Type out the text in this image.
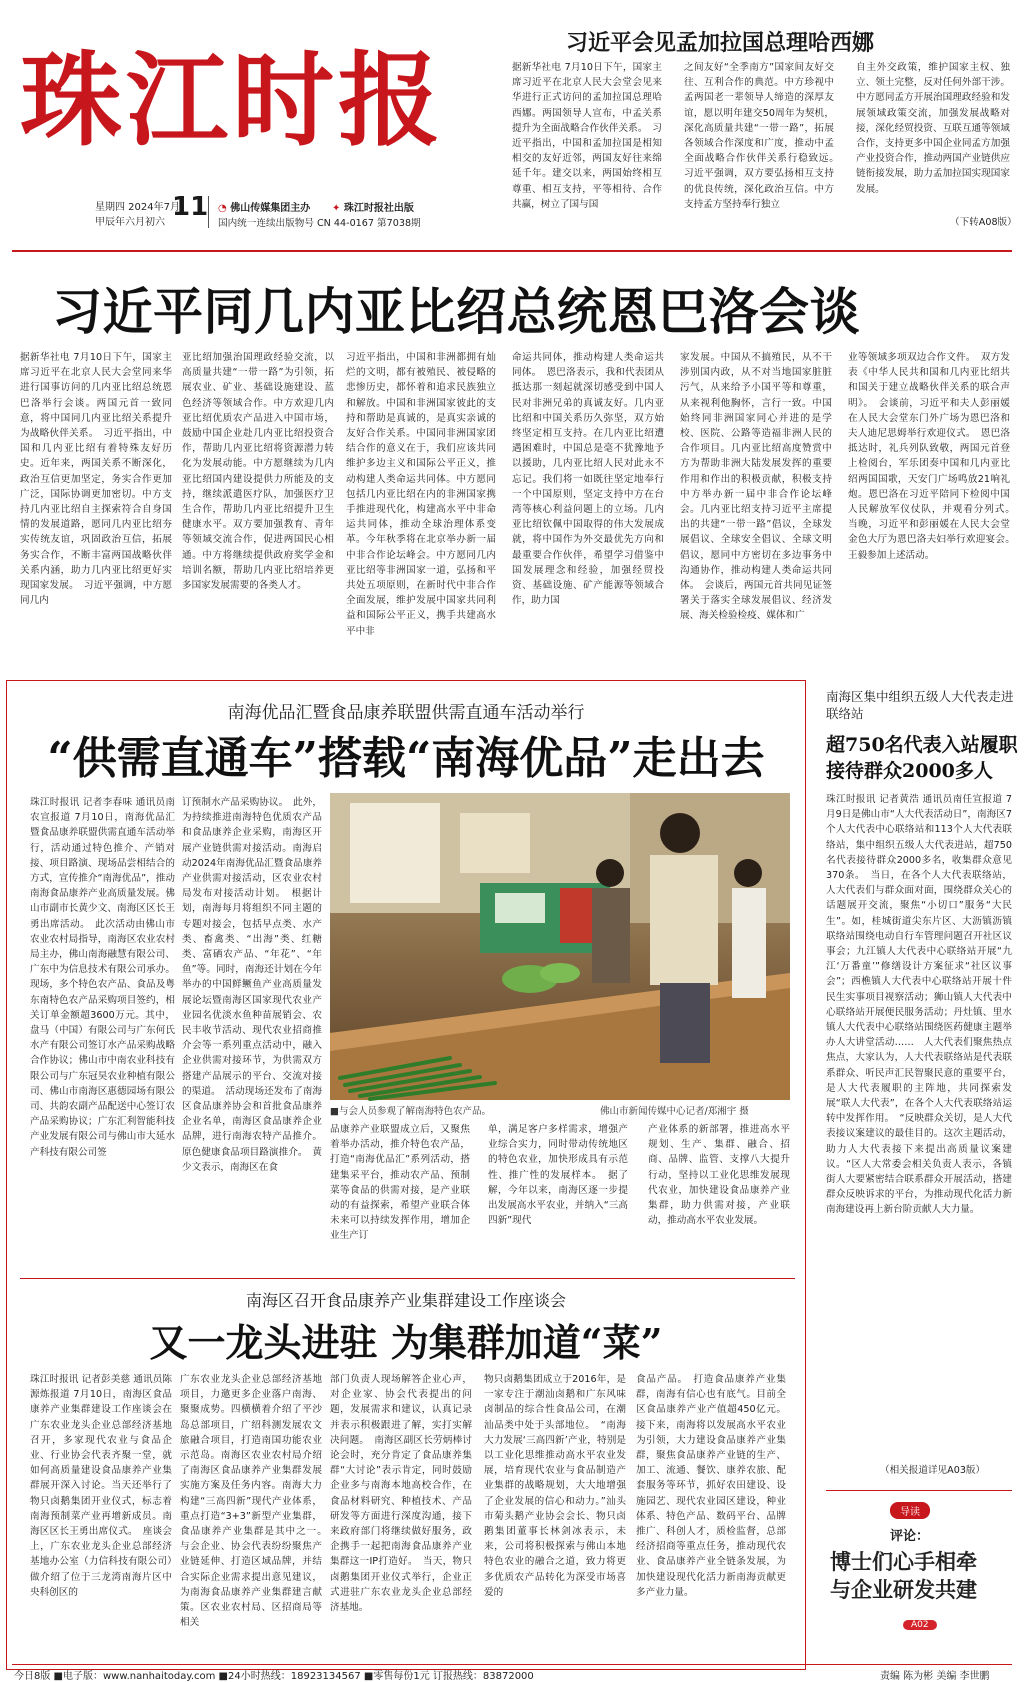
珠江时报
星期四 2024年7月
甲辰年六月初六
11 ◔ 佛山传媒集团主办 ✦ 珠江时报社出版
国内统一连续出版物号 CN 44-0167 第7038期
习近平会见孟加拉国总理哈西娜
据新华社电 7月10日下午，国家主席习近平在北京人民大会堂会见来华进行正式访问的孟加拉国总理哈西娜。两国领导人宣布，中孟关系提升为全面战略合作伙伴关系。　习近平指出，中国和孟加拉国是相知相交的友好近邻，两国友好往来绵延千年。建交以来，两国始终相互尊重、相互支持，平等相待、合作共赢，树立了国与国
之间友好“全季南方”国家间友好交往、互利合作的典范。中方珍视中孟两国老一辈领导人缔造的深厚友谊，愿以明年建交50周年为契机，深化高质量共建“一带一路”，拓展各领域合作深度和广度，推动中孟全面战略合作伙伴关系行稳致远。　习近平强调，双方要弘扬相互支持的优良传统，深化政治互信。中方支持孟方坚持奉行独立
自主外交政策，维护国家主权、独立、领土完整，反对任何外部干涉。中方愿同孟方开展治国理政经验和发展领域政策交流，加强发展战略对接，深化经贸投资、互联互通等领域合作，支持更多中国企业同孟方加强产业投资合作，推动两国产业链供应链衔接发展，助力孟加拉国实现国家发展。
（下转A08版）
习近平同几内亚比绍总统恩巴洛会谈
据新华社电 7月10日下午，国家主席习近平在北京人民大会堂同来华进行国事访问的几内亚比绍总统恩巴洛举行会谈。两国元首一致同意，将中国同几内亚比绍关系提升为战略伙伴关系。　习近平指出，中国和几内亚比绍有着特殊友好历史。近年来，两国关系不断深化，政治互信更加坚定，务实合作更加广泛，国际协调更加密切。中方支持几内亚比绍自主探索符合自身国情的发展道路，愿同几内亚比绍夯实传统友谊，巩固政治互信，拓展务实合作，不断丰富两国战略伙伴关系内涵，助力几内亚比绍更好实现国家发展。　习近平强调，中方愿同几内
亚比绍加强治国理政经验交流，以高质量共建“一带一路”为引领，拓展农业、矿业、基础设施建设、蓝色经济等领域合作。中方欢迎几内亚比绍优质农产品进入中国市场，鼓励中国企业赴几内亚比绍投资合作，帮助几内亚比绍将资源潜力转化为发展动能。中方愿继续为几内亚比绍国内建设提供力所能及的支持，继续派遣医疗队，加强医疗卫生合作，帮助几内亚比绍提升卫生健康水平。双方要加强教育、青年等领域交流合作，促进两国民心相通。中方将继续提供政府奖学金和培训名额，帮助几内亚比绍培养更多国家发展需要的各类人才。
习近平指出，中国和非洲都拥有灿烂的文明，都有被殖民、被侵略的悲惨历史，都怀着和追求民族独立和解放。中国和非洲国家彼此的支持和帮助是真诚的，是真实亲诚的友好合作关系。中国同非洲国家团结合作的意义在于，我们应该共同维护多边主义和国际公平正义，推动构建人类命运共同体。中方愿同包括几内亚比绍在内的非洲国家携手推进现代化，构建高水平中非命运共同体，推动全球治理体系变革。今年秋季将在北京举办新一届中非合作论坛峰会。中方愿同几内亚比绍等非洲国家一道，弘扬和平共处五项原则，在新时代中非合作全面发展，维护发展中国家共同利益和国际公平正义，携手共建高水平中非
命运共同体，推动构建人类命运共同体。　恩巴洛表示，我和代表团从抵达那一刻起就深切感受到中国人民对非洲兄弟的真诚友好。几内亚比绍和中国关系历久弥坚，双方始终坚定相互支持。在几内亚比绍遭遇困难时，中国总是毫不犹豫地予以援助，几内亚比绍人民对此永不忘记。我们将一如既往坚定地奉行一个中国原则，坚定支持中方在台湾等核心利益问题上的立场。几内亚比绍钦佩中国取得的伟大发展成就，将中国作为外交最优先方向和最重要合作伙伴，希望学习借鉴中国发展理念和经验，加强经贸投资、基础设施、矿产能源等领域合作，助力国
家发展。中国从不搞殖民，从不干涉别国内政，从不对当地国家脏脏污气，从来给予小国平等和尊重，从来视利他胸怀，言行一致。中国始终同非洲国家同心并进的是学校、医院、公路等造福非洲人民的合作项目。几内亚比绍高度赞赏中方为帮助非洲大陆发展发挥的重要作用和作出的积极贡献，积极支持中方举办新一届中非合作论坛峰会。几内亚比绍支持习近平主席提出的共建“一带一路”倡议，全球发展倡议、全球安全倡议、全球文明倡议，愿同中方密切在多边事务中沟通协作，推动构建人类命运共同体。　会谈后，两国元首共同见证签署关于落实全球发展倡议、经济发展、海关检验检疫、媒体和广
业等领域多项双边合作文件。　双方发表《中华人民共和国和几内亚比绍共和国关于建立战略伙伴关系的联合声明》。　会谈前，习近平和夫人彭丽媛在人民大会堂东门外广场为恩巴洛和夫人迪尼思姆举行欢迎仪式。　恩巴洛抵达时，礼兵列队致敬，两国元首登上检阅台，军乐团奏中国和几内亚比绍两国国歌，天安门广场鸣放21响礼炮。恩巴洛在习近平陪同下检阅中国人民解放军仪仗队，并观看分列式。　当晚，习近平和彭丽媛在人民大会堂金色大厅为恩巴洛夫妇举行欢迎宴会。　王毅参加上述活动。
南海优品汇暨食品康养联盟供需直通车活动举行
“供需直通车”搭载“南海优品”走出去
珠江时报讯 记者李春味 通讯员南农宣报道 7月10日，南海优品汇暨食品康养联盟供需直通车活动举行，活动通过特色推介、产销对接、项目路演、现场品尝相结合的方式，宣传推介“南海优品”，推动南海食品康养产业高质量发展。佛山市副市长黄少文、南海区区长王勇出席活动。　此次活动由佛山市农业农村局指导，南海区农业农村局主办，佛山南海融慧有限公司、广东中为信息技术有限公司承办。现场，多个特色农产品、食品及粤东南特色农产品采购项目签约，相关订单金额超3600万元。其中，盘马（中国）有限公司与广东何氏水产有限公司签订水产品采购战略合作协议；佛山市中南农业科技有限公司与广东冠昊农业种植有限公司、佛山市南海区惠德园场有限公司、共韵农副产品配送中心签订农产品采购协议；广东汇利智能科技产业发展有限公司与佛山市大延水产科技有限公司签
订预制水产品采购协议。　此外，为持续推进南海特色优质农产品和食品康养企业采购，南海区开展产业链供需对接活动。南海启动2024年南海优品汇暨食品康养产业供需对接活动，区农业农村局发布对接活动计划。　根据计划，南海每月将组织不同主题的专题对接会，包括早点类、水产类、畜禽类、“出海”类、红糖类、富硒农产品、“年花”、“年鱼”等。同时，南海还计划在今年举办的中国鲜鳜鱼产业高质量发展论坛暨南海区国家现代农业产业园名优淡水鱼种苗展销会、农民丰收节活动、现代农业招商推介会等一系列重点活动中，融入企业供需对接环节，为供需双方搭建产品展示的平台、交流对接的渠道。　活动现场还发布了南海区食品康养协会和首批食品康养企业名单，南海区食品康养企业品牌，进行南海农特产品推介。原色健康食品项目路演推介。　黄少文表示，南海区在食
■与会人员参观了解南海特色农产品。	佛山市新闻传媒中心记者/郑湘宇 摄
品康养产业联盟成立后，又聚焦着举办活动，推介特色农产品，打造“南海优品汇”系列活动，搭建集采平台，推动农产品、预制菜等食品的供需对接，是产业联动的有益探索，希望产业联合体未来可以持续发挥作用，增加企业生产订
单，满足客户多样需求，增强产业综合实力，同时带动传统地区的特色农业，加快形成具有示范性、推广性的发展样本。　据了解，今年以来，南海区逐一步提出发展高水平农业，并纳入“三高四新”现代
产业体系的新部署，推进高水平规划、生产、集群、融合、招商、品牌、监管、支撑八大提升行动，坚持以工业化思维发展现代农业，加快建设食品康养产业集群，助力供需对接，产业联动，推动高水平农业发展。
南海区召开食品康养产业集群建设工作座谈会
又一龙头进驻 为集群加道“菜”
珠江时报讯 记者彭美慈 通讯员陈源炼报道 7月10日，南海区食品康养产业集群建设工作座谈会在广东农业龙头企业总部经济基地召开，多家现代农业与食品企业、行业协会代表齐聚一堂，就如何高质量建设食品康养产业集群展开深入讨论。当天还举行了物只卤鹅集团开业仪式，标志着南海预制菜产业再增新成员。南海区区长王勇出席仪式。　座谈会上，广东农业龙头企业总部经济基地办公室（力信科技有限公司）做介绍了位于三龙湾南海片区中央科创区的
广东农业龙头企业总部经济基地项目，力邀更多企业落户南海、聚聚成势。四横横着介绍了平沙岛总部项目，广绍科测发展农文旅融合项目，打造南国功能农业示范岛。南海区农业农村局介绍了南海区食品康养产业集群发展实施方案及任务内容。南海大力构建“三高四新”现代产业体系，重点打造“3+3”新型产业集群，食品康养产业集群是其中之一。　与会企业、协会代表纷纷聚焦产业链延伸、打造区域品牌，并结合实际企业需求提出意见建议，为南海食品康养产业集群建言献策。区农业农村局、区招商局等相关
部门负责人现场解答企业心声，对企业家、协会代表提出的问题，发展需求和建议，认真记录并表示积极跟进了解，实打实解决问题。　南海区副区长劳炳棒讨论会时，充分肯定了食品康养集群“大讨论”表示肯定，同时鼓励企业多与南海本地高校合作，在食品材料研究、种植技术、产品研发等方面进行深度沟通，接下来政府部门将继续做好服务，政企携手一起把南海食品康养产业集群这一IP打造好。　当天，物只卤鹅集团开业仪式举行，企业正式进驻广东农业龙头企业总部经济基地。
物只卤鹅集团成立于2016年，是一家专注于潮汕卤鹅和广东风味卤制品的综合性食品公司，在潮汕品类中处于头部地位。　“南海大力发展‘三高四新’产业，特别是以工业化思维推动高水平农业发展，培育现代农业与食品制造产业集群的战略规划，大大地增强了企业发展的信心和动力。”汕头市菊头鹅产业协会会长、物只卤鹅集团董事长林剑冰表示，未来，公司将积极探索与佛山本地特色农业的融合之道，致力将更多优质农产品转化为深受市场喜爱的
食品产品。　打造食品康养产业集群，南海有信心也有底气。目前全区食品康养产业产值超450亿元。接下来，南海将以发展高水平农业为引领，大力建设食品康养产业集群，聚焦食品康养产业链的生产、加工、流通、餐饮、康养农旅、配套服务等环节，抓好农田建设、设施园艺、现代农业园区建设，种业体系、特色产品、数码平台、品牌推广、科创人才，质检监督，总部经济招商等重点任务，推动现代农业、食品康养产业全链条发展，为加快建设现代化活力新南海贡献更多产业力量。
南海区集中组织五级人大代表走进联络站
超750名代表入站履职
接待群众2000多人
珠江时报讯 记者黄浩 通讯员南任宣报道 7月9日是佛山市“人大代表活动日”，南海区7个人大代表中心联络站和113个人大代表联络站，集中组织五级人大代表进站，超750名代表接待群众2000多名，收集群众意见370条。　当日，在各个人大代表联络站，人大代表们与群众面对面，围绕群众关心的话题展开交流，聚焦“小切口”服务“大民生”。如，桂城街道尖东片区、大沥镇沥镇联络站围绕电动自行车管理问题召开社区议事会；九江镇人大代表中心联络站开展“九江‘万番童’”修缮设计方案征求“社区议事会”；西樵镇人大代表中心联络站开展十件民生实事项目视察活动；狮山镇人大代表中心联络站开展便民服务活动；丹灶镇、里水镇人大代表中心联络站围绕医药健康主题举办人大讲堂活动……　人大代表们聚焦热点焦点，大家认为，人大代表联络站是代表联系群众、听民声汇民智聚民意的重要平台，是人大代表履职的主阵地，共同探索发展“联人大代表”，在各个人大代表联络站运转中发挥作用。　“反映群众关切，是人大代表接议案建议的最佳目的。这次主题活动，助力人大代表接下来提出高质量议案建议。“区人大常委会相关负责人表示，各镇街人大要紧密结合联系群众开展活动，搭建群众反映诉求的平台，为推动现代化活力新南海建设再上新台阶贡献人大力量。
（相关报道详见A03版）
导读
评论：
博士们心手相牵
与企业研发共建
A02
今日8版 ■电子版：www.nanhaitoday.com ■24小时热线：18923134567 ■零售每份1元 订报热线：83872000	责编 陈为彬 美编 李世鹏
